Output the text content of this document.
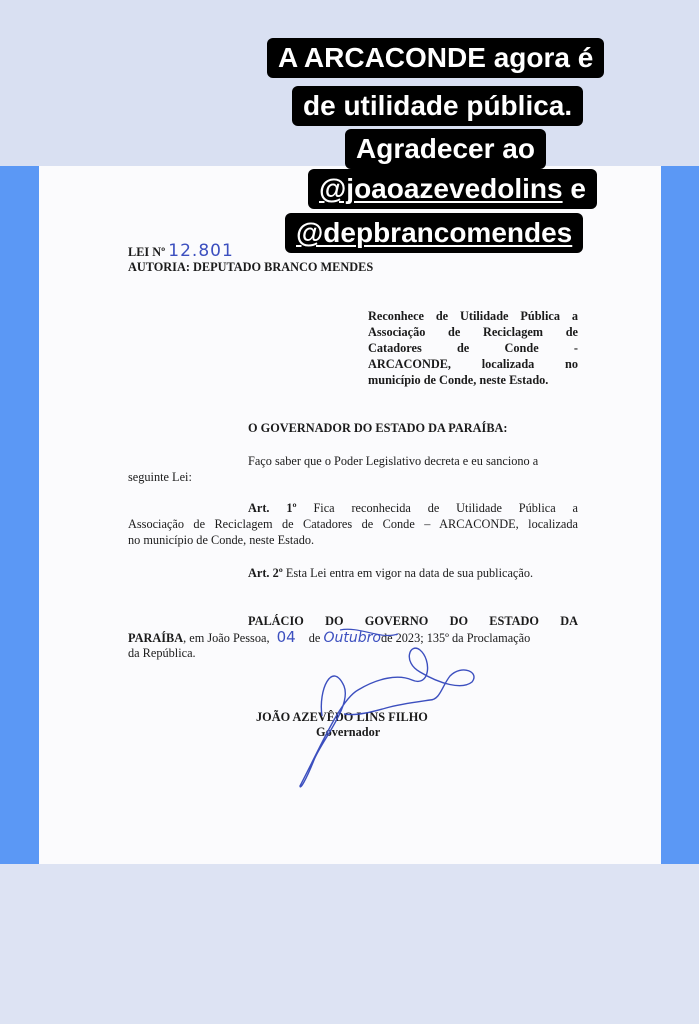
LEI Nº 12.801
AUTORIA: DEPUTADO BRANCO MENDES
Reconhece de Utilidade Pública a
Associação de Reciclagem de
Catadores de Conde -
ARCACONDE, localizada no
município de Conde, neste Estado.
O GOVERNADOR DO ESTADO DA PARAÍBA:
Faço saber que o Poder Legislativo decreta e eu sanciono a
seguinte Lei:
Art. 1º Fica reconhecida de Utilidade Pública a
Associação de Reciclagem de Catadores de Conde – ARCACONDE, localizada
no município de Conde, neste Estado.
Art. 2º Esta Lei entra em vigor na data de sua publicação.
PALÁCIO DO GOVERNO DO ESTADO DA
PARAÍBA, em João Pessoa, 04 de Outubrode 2023; 135º da Proclamação
da República.
JOÃO AZEVÊDO LINS FILHO
Governador
A ARCACONDE agora é
de utilidade pública.
Agradecer ao
@joaoazevedolins e
@depbrancomendes
